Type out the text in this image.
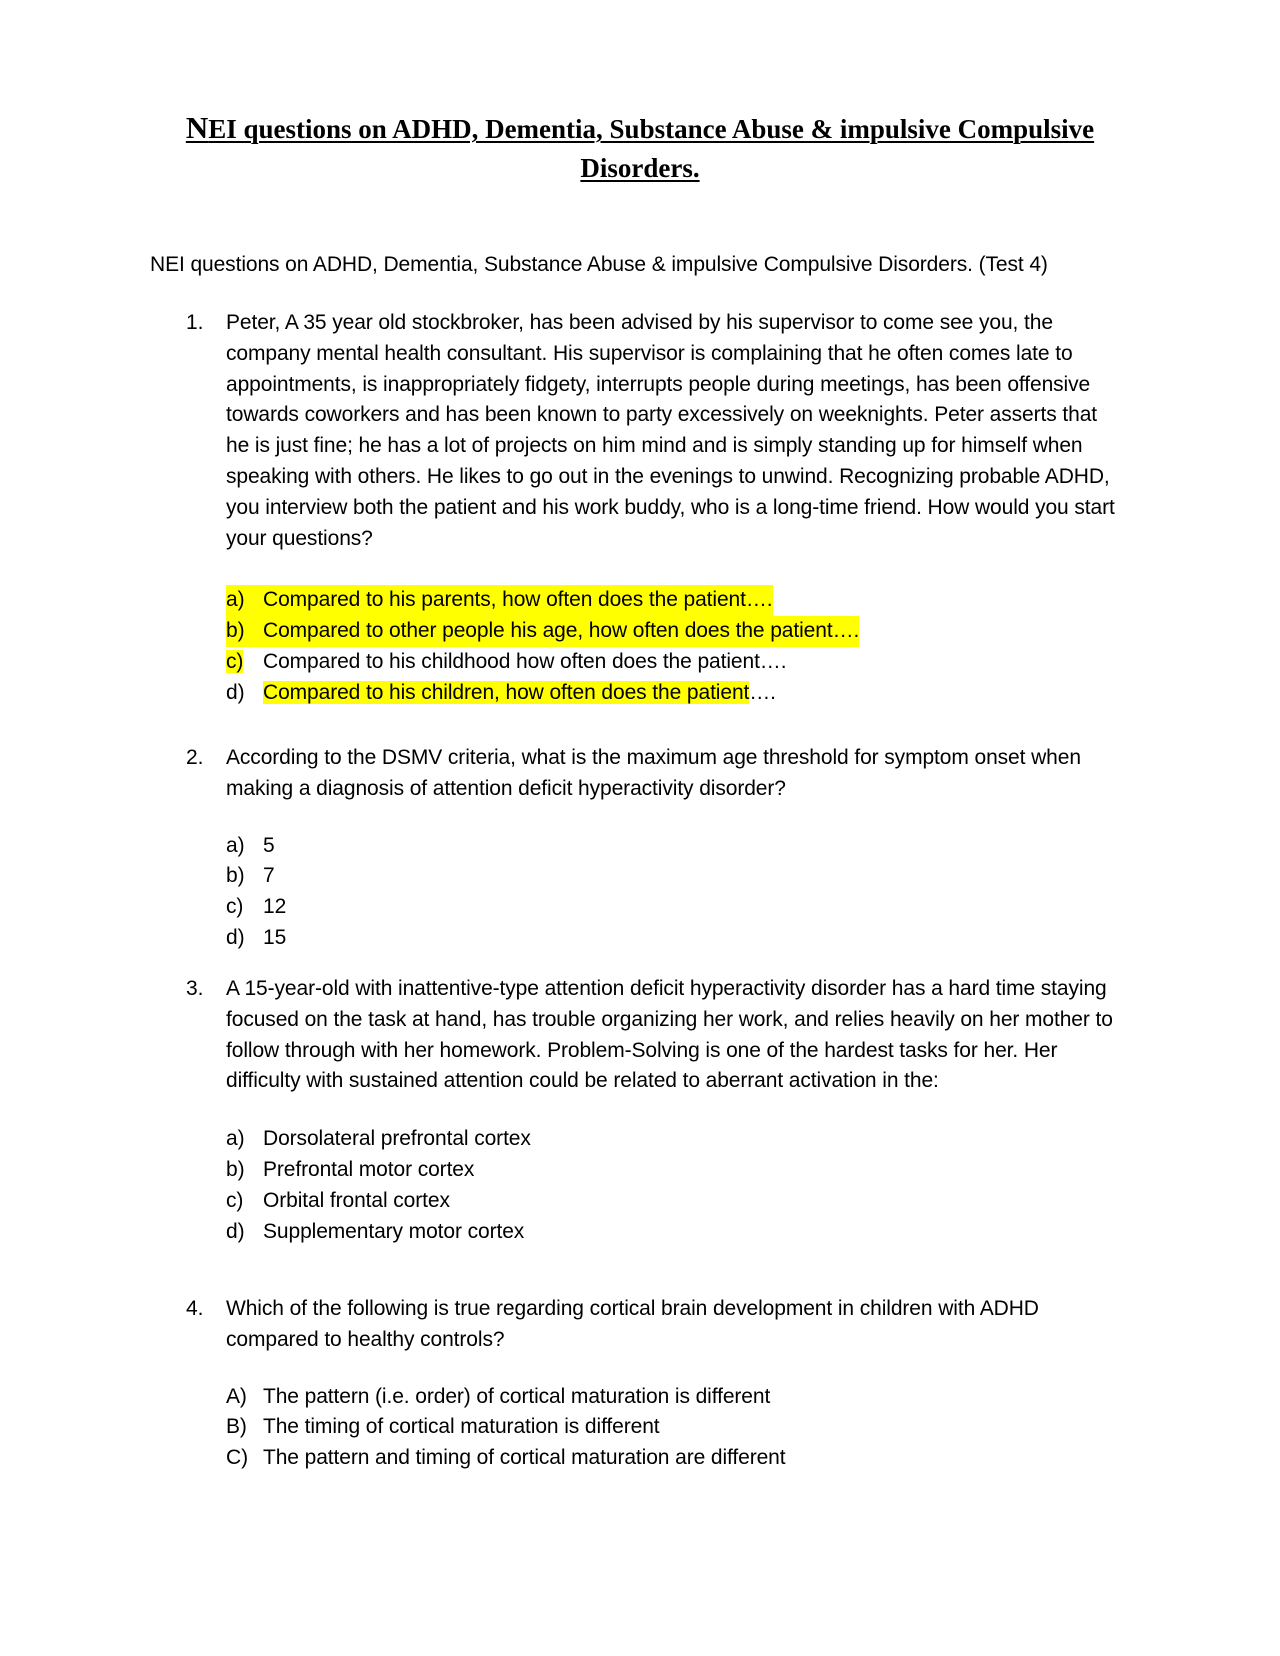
NEI questions on ADHD, Dementia, Substance Abuse & impulsive Compulsive
Disorders.
NEI questions on ADHD, Dementia, Substance Abuse & impulsive Compulsive Disorders. (Test 4)
1. Peter, A 35 year old stockbroker, has been advised by his supervisor to come see you, the company mental health consultant. His supervisor is complaining that he often comes late to appointments, is inappropriately fidgety, interrupts people during meetings, has been offensive towards coworkers and has been known to party excessively on weeknights. Peter asserts that he is just fine; he has a lot of projects on him mind and is simply standing up for himself when speaking with others. He likes to go out in the evenings to unwind. Recognizing probable ADHD, you interview both the patient and his work buddy, who is a long-time friend. How would you start your questions?
a) Compared to his parents, how often does the patient….
b) Compared to other people his age, how often does the patient….
c) Compared to his childhood how often does the patient….
d) Compared to his children, how often does the patient….
2. According to the DSMV criteria, what is the maximum age threshold for symptom onset when making a diagnosis of attention deficit hyperactivity disorder?
a) 5
b) 7
c) 12
d) 15
3. A 15-year-old with inattentive-type attention deficit hyperactivity disorder has a hard time staying focused on the task at hand, has trouble organizing her work, and relies heavily on her mother to follow through with her homework. Problem-Solving is one of the hardest tasks for her. Her difficulty with sustained attention could be related to aberrant activation in the:
a) Dorsolateral prefrontal cortex
b) Prefrontal motor cortex
c) Orbital frontal cortex
d) Supplementary motor cortex
4. Which of the following is true regarding cortical brain development in children with ADHD compared to healthy controls?
A) The pattern (i.e. order) of cortical maturation is different
B) The timing of cortical maturation is different
C) The pattern and timing of cortical maturation are different
